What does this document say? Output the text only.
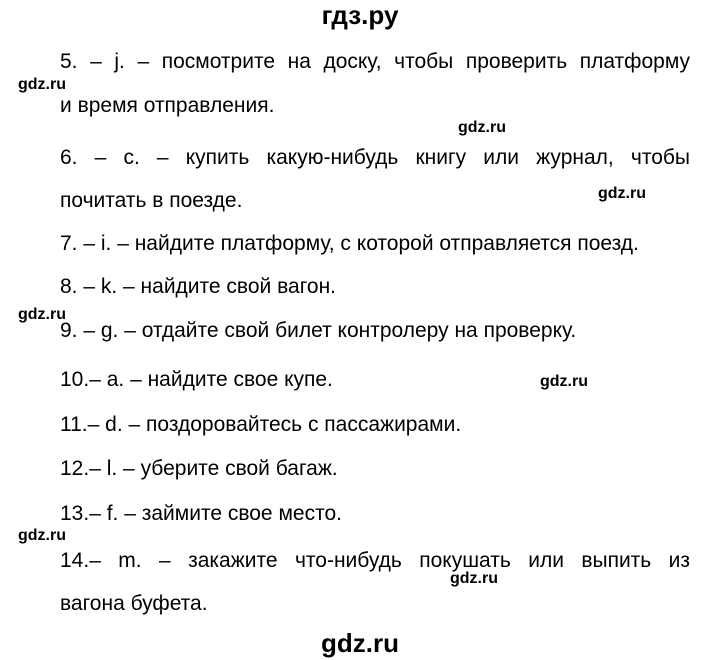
гдз.ру
5. – j. – посмотрите на доску, чтобы проверить платформу
и время отправления.
6. – c. – купить какую-нибудь книгу или журнал, чтобы
почитать в поезде.
7. – i. – найдите платформу, с которой отправляется поезд.
8. – k. – найдите свой вагон.
9. – g. – отдайте свой билет контролеру на проверку.
10.– a. – найдите свое купе.
11.– d. – поздоровайтесь с пассажирами.
12.– l. – уберите свой багаж.
13.– f. – займите свое место.
14.– m. – закажите что-нибудь покушать или выпить из
вагона буфета.
gdz.ru
gdz.ru
gdz.ru
gdz.ru
gdz.ru
gdz.ru
gdz.ru
gdz.ru
